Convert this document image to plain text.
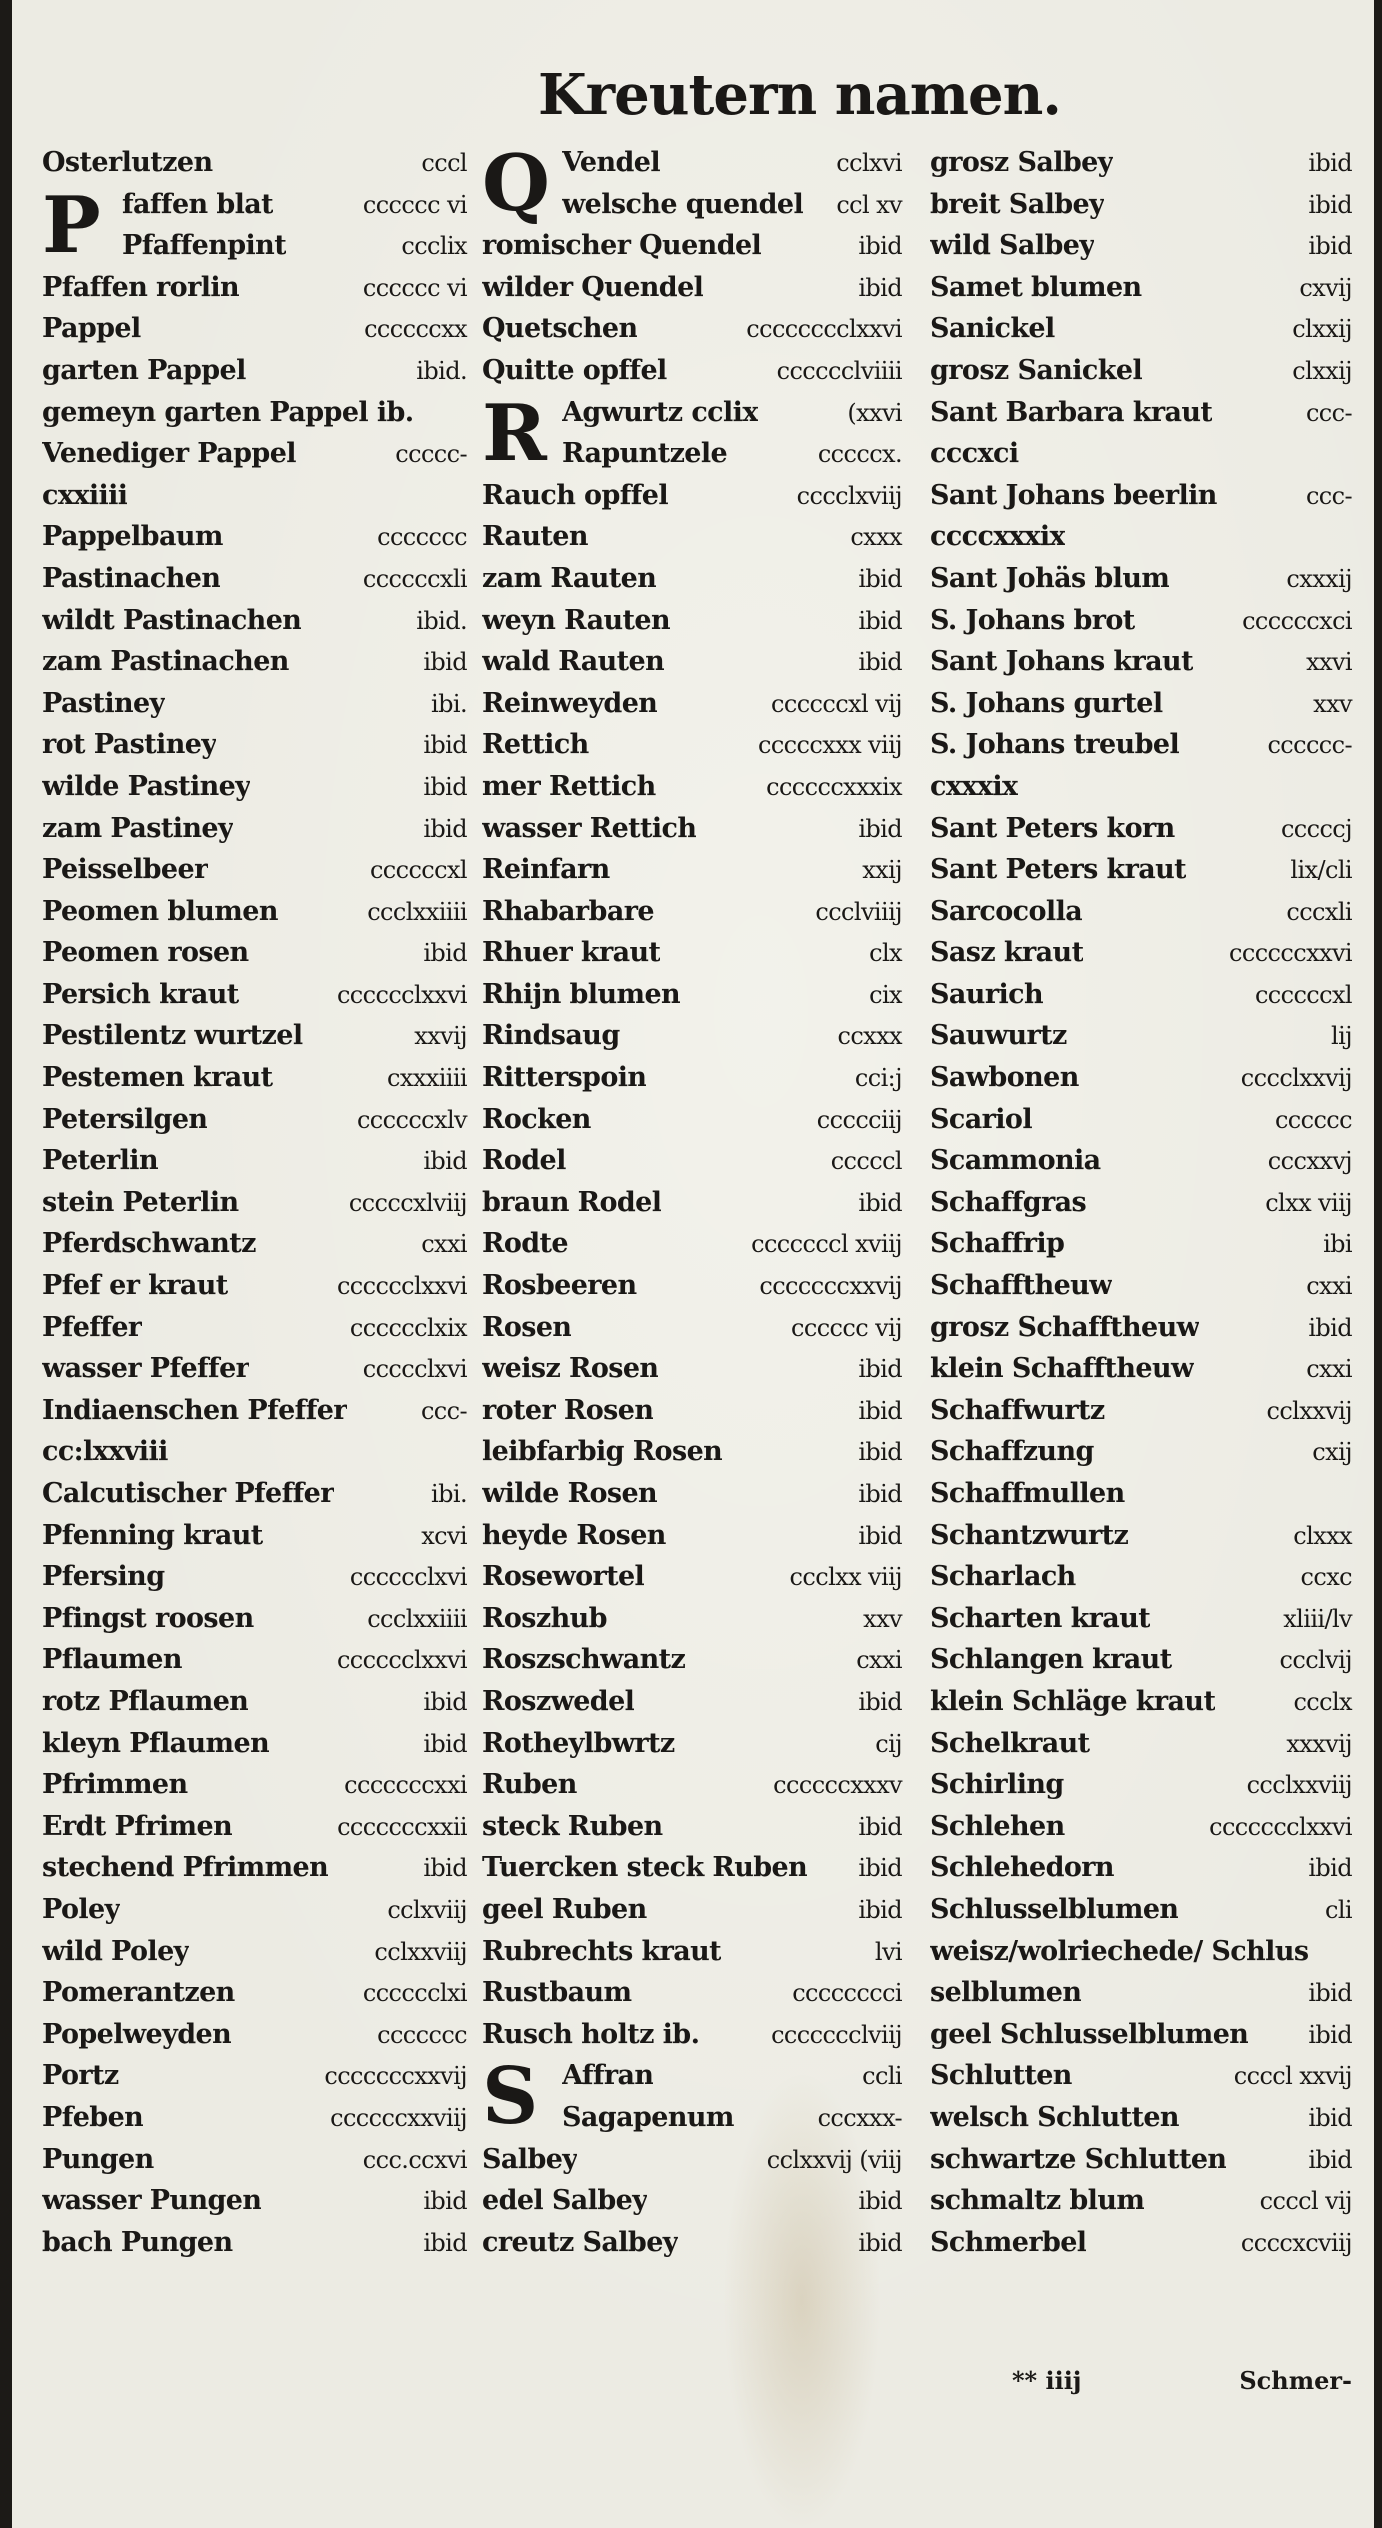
Kreutern namen.
Osterlutzen	cccl
P faffen blat	cccccc vi
Pfaffenpint	ccclix
Pfaffen rorlin	cccccc vi
Pappel	ccccccxx
garten Pappel	ibid.
gemeyn garten Pappel ib.
Venediger Pappel	ccccc-
cxxiiii
Pappelbaum	ccccccc
Pastinachen	ccccccxli
wildt Pastinachen	ibid.
zam Pastinachen	ibid
Pastiney	ibi.
rot Pastiney	ibid
wilde Pastiney	ibid
zam Pastiney	ibid
Peisselbeer	ccccccxl
Peomen blumen	ccclxxiiii
Peomen rosen	ibid
Persich kraut	cccccclxxvi
Pestilentz wurtzel	xxvij
Pestemen kraut	cxxxiiii
Petersilgen	ccccccxlv
Peterlin	ibid
stein Peterlin	cccccxlviij
Pferdschwantz	cxxi
Pfef er kraut	cccccclxxvi
Pfeffer	cccccclxix
wasser Pfeffer	ccccclxvi
Indiaenschen Pfeffer	ccc-
cc:lxxviii
Calcutischer Pfeffer	ibi.
Pfenning kraut	xcvi
Pfersing	cccccclxvi
Pfingst roosen	ccclxxiiii
Pflaumen	cccccclxxvi
rotz Pflaumen	ibid
kleyn Pflaumen	ibid
Pfrimmen	cccccccxxi
Erdt Pfrimen	cccccccxxii
stechend Pfrimmen	ibid
Poley	cclxviij
wild Poley	cclxxviij
Pomerantzen	cccccclxi
Popelweyden	ccccccc
Portz	cccccccxxvij
Pfeben	ccccccxxviij
Pungen	ccc.ccxvi
wasser Pungen	ibid
bach Pungen	ibid
Q Vendel	cclxvi
welsche quendel ccl xv
romischer Quendel	ibid
wilder Quendel	ibid
Quetschen	cccccccclxxvi
Quitte opffel	cccccclviiii
R Agwurtz cclix	(xxvi
Rapuntzele	cccccx.
Rauch opffel	cccclxviij
Rauten	cxxx
zam Rauten	ibid
weyn Rauten	ibid
wald Rauten	ibid
Reinweyden	ccccccxl vij
Rettich	cccccxxx viij
mer Rettich	ccccccxxxix
wasser Rettich	ibid
Reinfarn	xxij
Rhabarbare	ccclviiij
Rhuer kraut	clx
Rhijn blumen	cix
Rindsaug	ccxxx
Ritterspoin	cci:j
Rocken	ccccciij
Rodel	cccccl
braun Rodel	ibid
Rodte	cccccccl xviij
Rosbeeren	cccccccxxvij
Rosen	cccccc vij
weisz Rosen	ibid
roter Rosen	ibid
leibfarbig Rosen	ibid
wilde Rosen	ibid
heyde Rosen	ibid
Rosewortel	ccclxx viij
Roszhub	xxv
Roszschwantz	cxxi
Roszwedel	ibid
Rotheylbwrtz	cij
Ruben	ccccccxxxv
steck Ruben	ibid
Tuercken steck Ruben ibid
geel Ruben	ibid
Rubrechts kraut	lvi
Rustbaum	cccccccci
Rusch holtz ib.	ccccccclviij
S Affran	ccli
Sagapenum	cccxxx-
Salbey	cclxxvij (viij
edel Salbey	ibid
creutz Salbey	ibid
grosz Salbey	ibid
breit Salbey	ibid
wild Salbey	ibid
Samet blumen	cxvij
Sanickel	clxxij
grosz Sanickel	clxxij
Sant Barbara kraut	ccc-
cccxci
Sant Johans beerlin	ccc-
ccccxxxix
Sant Johäs blum	cxxxij
S. Johans brot	ccccccxci
Sant Johans kraut	xxvi
S. Johans gurtel	xxv
S. Johans treubel	cccccc-
cxxxix
Sant Peters korn	cccccj
Sant Peters kraut	lix/cli
Sarcocolla	cccxli
Sasz kraut	ccccccxxvi
Saurich	ccccccxl
Sauwurtz	lij
Sawbonen	cccclxxvij
Scariol	cccccc
Scammonia	cccxxvj
Schaffgras	clxx viij
Schaffrip	ibi
Schafftheuw	cxxi
grosz Schafftheuw	ibid
klein Schafftheuw	cxxi
Schaffwurtz	cclxxvij
Schaffzung	cxij
Schaffmullen
Schantzwurtz	clxxx
Scharlach	ccxc
Scharten kraut	xliii/lv
Schlangen kraut	ccclvij
klein Schläge kraut	ccclx
Schelkraut	xxxvij
Schirling	ccclxxviij
Schlehen	ccccccclxxvi
Schlehedorn	ibid
Schlusselblumen	cli
weisz/wolriechede/ Schlus
selblumen	ibid
geel Schlusselblumen ibid
Schlutten	ccccl xxvij
welsch Schlutten	ibid
schwartze Schlutten	ibid
schmaltz blum	ccccl vij
Schmerbel	ccccxcviij
** iiij	Schmer-
